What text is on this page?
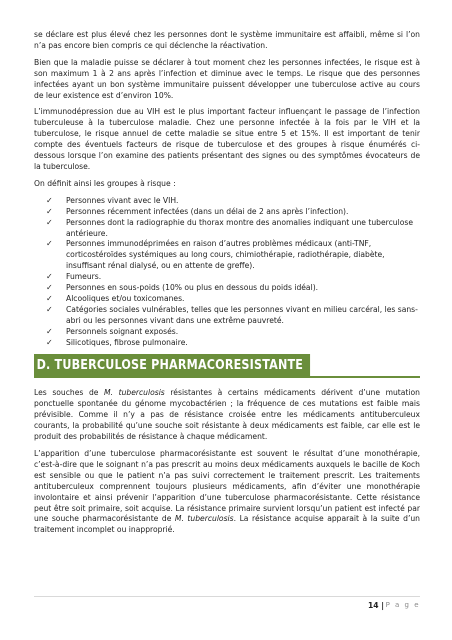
se déclare est plus élevé chez les personnes dont le système immunitaire est affaibli, même si l’on n’a pas encore bien compris ce qui déclenche la réactivation.

Bien que la maladie puisse se déclarer à tout moment chez les personnes infectées, le risque est à son maximum 1 à 2 ans après l’infection et diminue avec le temps. Le risque que des personnes infectées ayant un bon système immunitaire puissent développer une tuberculose active au cours de leur existence est d’environ 10%.

L’immunodépression due au VIH est le plus important facteur influençant le passage de l’infection tuberculeuse à la tuberculose maladie. Chez une personne infectée à la fois par le VIH et la tuberculose, le risque annuel de cette maladie se situe entre 5 et 15%. Il est important de tenir compte des éventuels facteurs de risque de tuberculose et des groupes à risque énumérés ci-dessous lorsque l’on examine des patients présentant des signes ou des symptômes évocateurs de la tuberculose.

On définit ainsi les groupes à risque :

✓ Personnes vivant avec le VIH.
✓ Personnes récemment infectées (dans un délai de 2 ans après l’infection).
✓ Personnes dont la radiographie du thorax montre des anomalies indiquant une tuberculose antérieure.
✓ Personnes immunodéprimées en raison d’autres problèmes médicaux (anti-TNF, corticostéroïdes systémiques au long cours, chimiothérapie, radiothérapie, diabète, insuffisant rénal dialysé, ou en attente de greffe).
✓ Fumeurs.
✓ Personnes en sous-poids (10% ou plus en dessous du poids idéal).
✓ Alcooliques et/ou toxicomanes.
✓ Catégories sociales vulnérables, telles que les personnes vivant en milieu carcéral, les sans-abri ou les personnes vivant dans une extrême pauvreté.
✓ Personnels soignant exposés.
✓ Silicotiques, fibrose pulmonaire.
D. TUBERCULOSE PHARMACORESISTANTE

Les souches de M. tuberculosis résistantes à certains médicaments dérivent d’une mutation ponctuelle spontanée du génome mycobactérien ; la fréquence de ces mutations est faible mais prévisible. Comme il n’y a pas de résistance croisée entre les médicaments antituberculeux courants, la probabilité qu’une souche soit résistante à deux médicaments est faible, car elle est le produit des probabilités de résistance à chaque médicament.

L’apparition d’une tuberculose pharmacorésistante est souvent le résultat d’une monothérapie, c’est-à-dire que le soignant n’a pas prescrit au moins deux médicaments auxquels le bacille de Koch est sensible ou que le patient n’a pas suivi correctement le traitement prescrit. Les traitements antituberculeux comprennent toujours plusieurs médicaments, afin d’éviter une monothérapie involontaire et ainsi prévenir l’apparition d’une tuberculose pharmacorésistante. Cette résistance peut être soit primaire, soit acquise. La résistance primaire survient lorsqu’un patient est infecté par une souche pharmacorésistante de M. tuberculosis. La résistance acquise apparait à la suite d’un traitement incomplet ou inapproprié.

14 | P a g e
